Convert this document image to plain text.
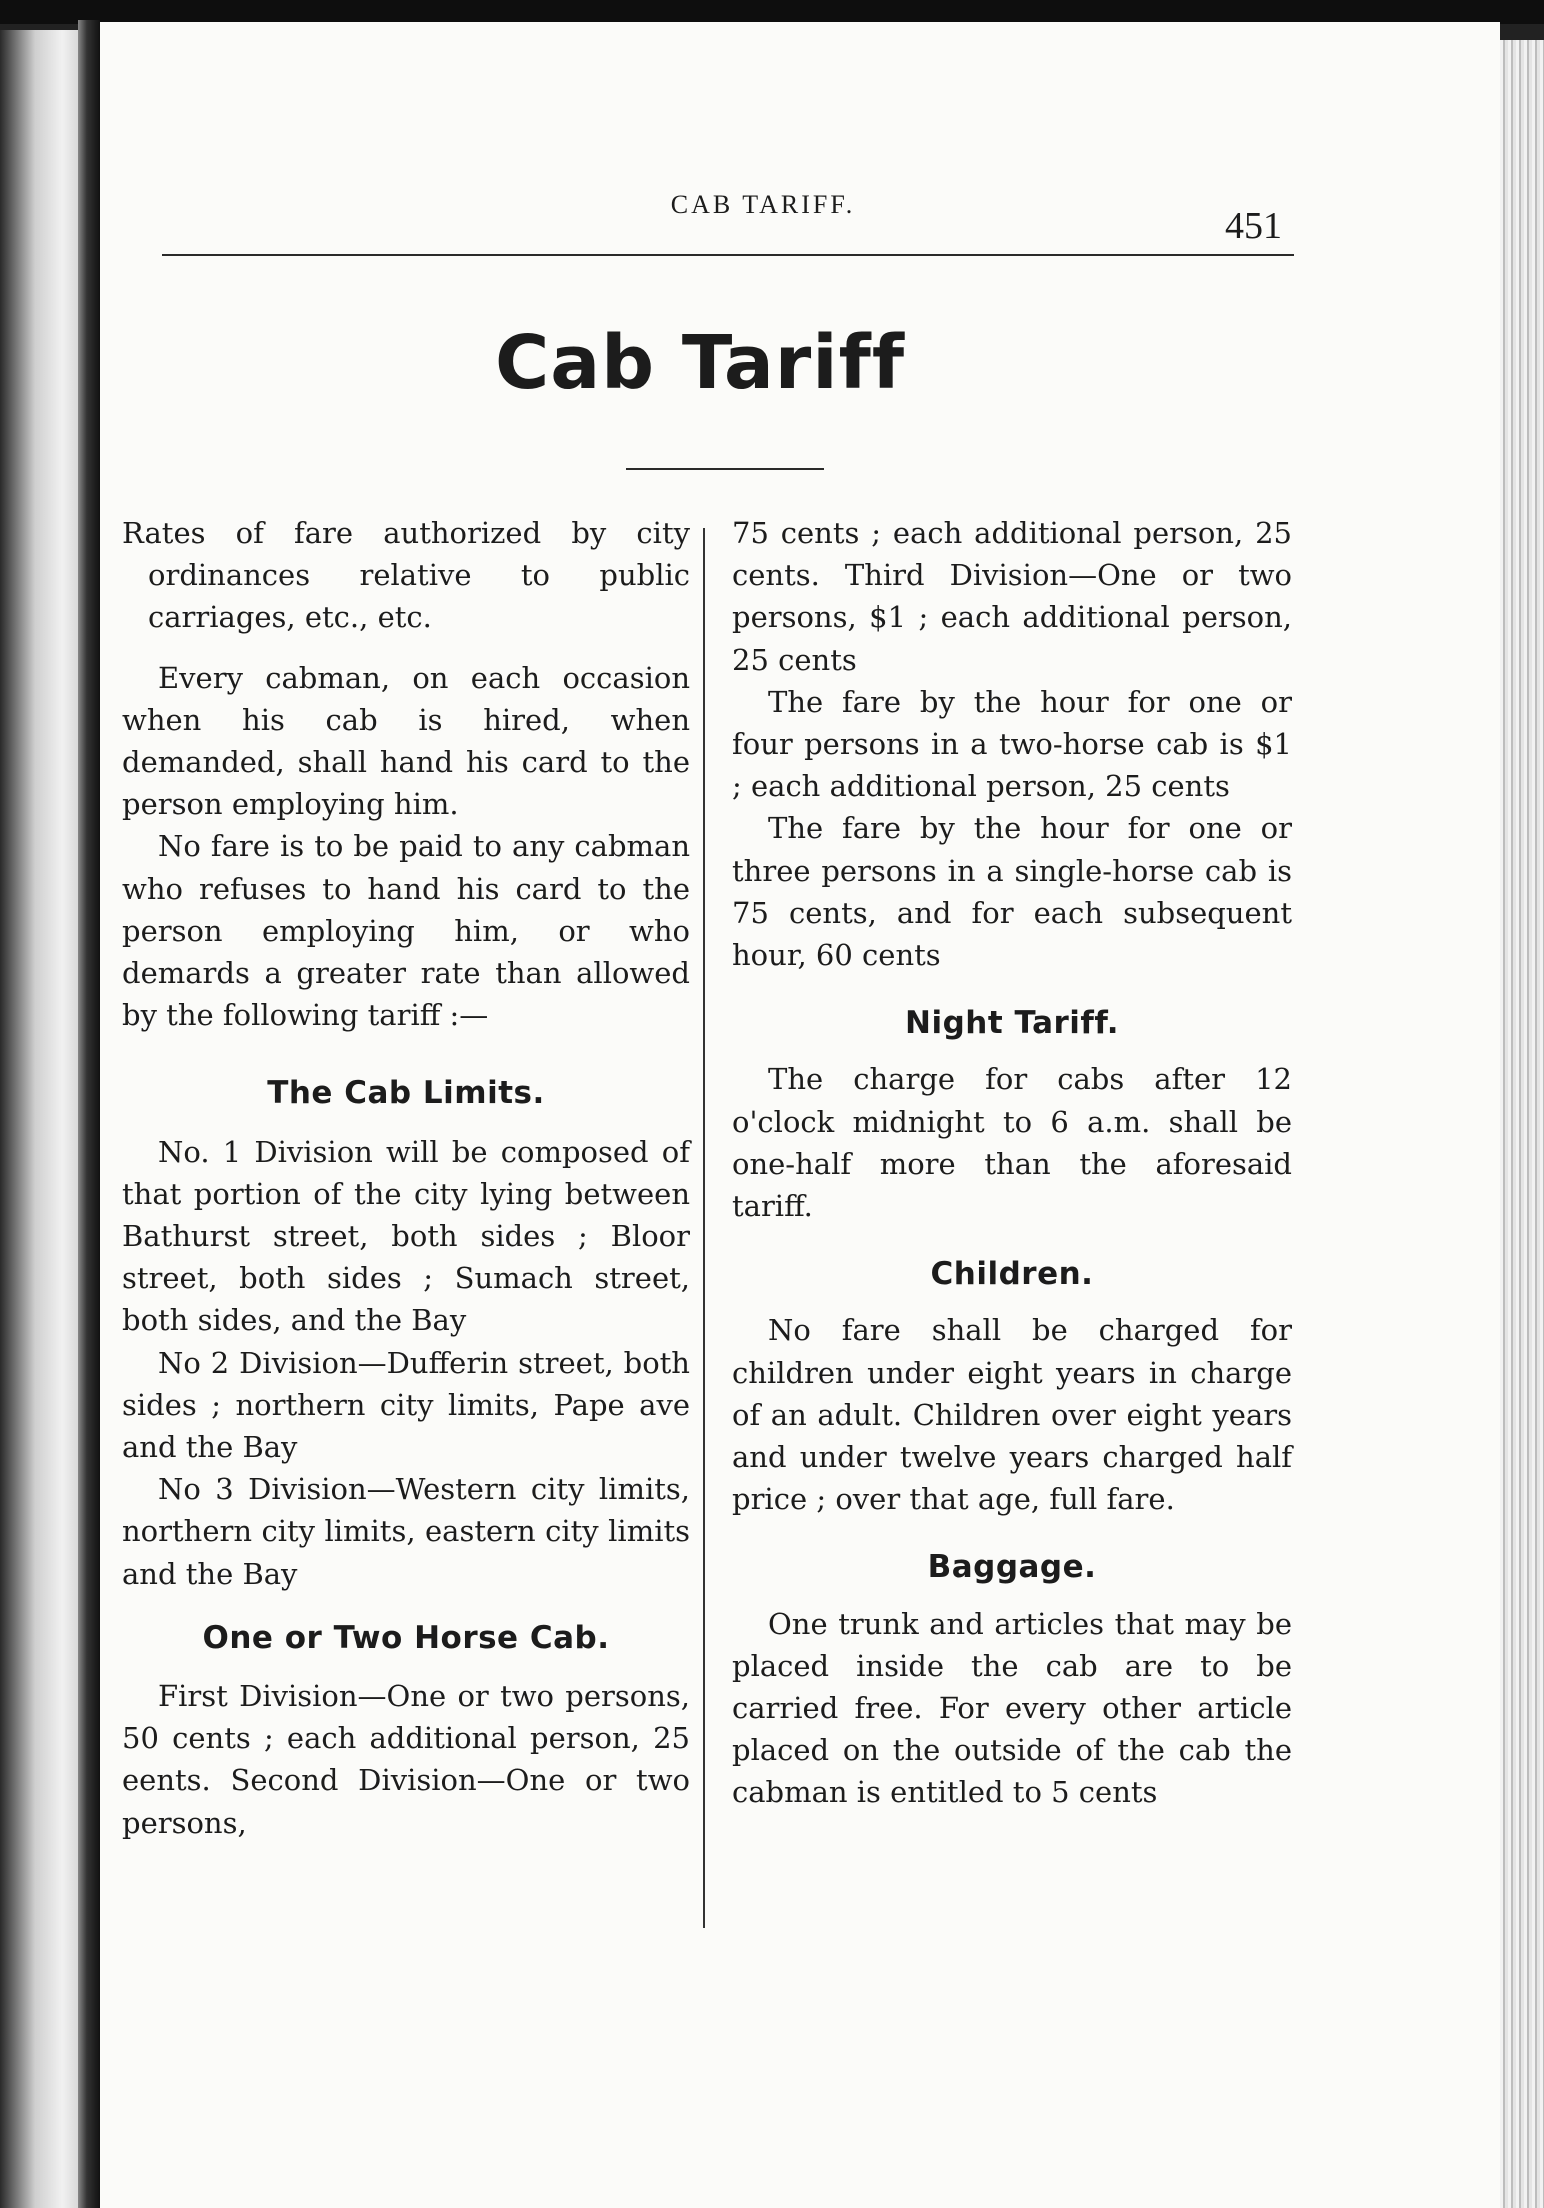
CAB TARIFF.
451
Cab Tariff

Rates of fare authorized by city ordinances relative to public carriages, etc., etc.

Every cabman, on each occasion when his cab is hired, when demanded, shall hand his card to the person employing him.

No fare is to be paid to any cabman who refuses to hand his card to the person employing him, or who demards a greater rate than allowed by the following tariff :—

The Cab Limits.

No. 1 Division will be composed of that portion of the city lying between Bathurst street, both sides ; Bloor street, both sides ; Sumach street, both sides, and the Bay

No 2 Division—Dufferin street, both sides ; northern city limits, Pape ave and the Bay

No 3 Division—Western city limits, northern city limits, eastern city limits and the Bay

One or Two Horse Cab.

First Division—One or two persons, 50 cents ; each additional person, 25 eents. Second Division—One or two persons,

75 cents ; each additional person, 25 cents. Third Division—One or two persons, $1 ; each additional person, 25 cents

The fare by the hour for one or four persons in a two-horse cab is $1 ; each additional person, 25 cents

The fare by the hour for one or three persons in a single-horse cab is 75 cents, and for each subsequent hour, 60 cents

Night Tariff.

The charge for cabs after 12 o'clock midnight to 6 a.m. shall be one-half more than the aforesaid tariff.

Children.

No fare shall be charged for children under eight years in charge of an adult. Children over eight years and under twelve years charged half price ; over that age, full fare.

Baggage.

One trunk and articles that may be placed inside the cab are to be carried free. For every other article placed on the outside of the cab the cabman is entitled to 5 cents
